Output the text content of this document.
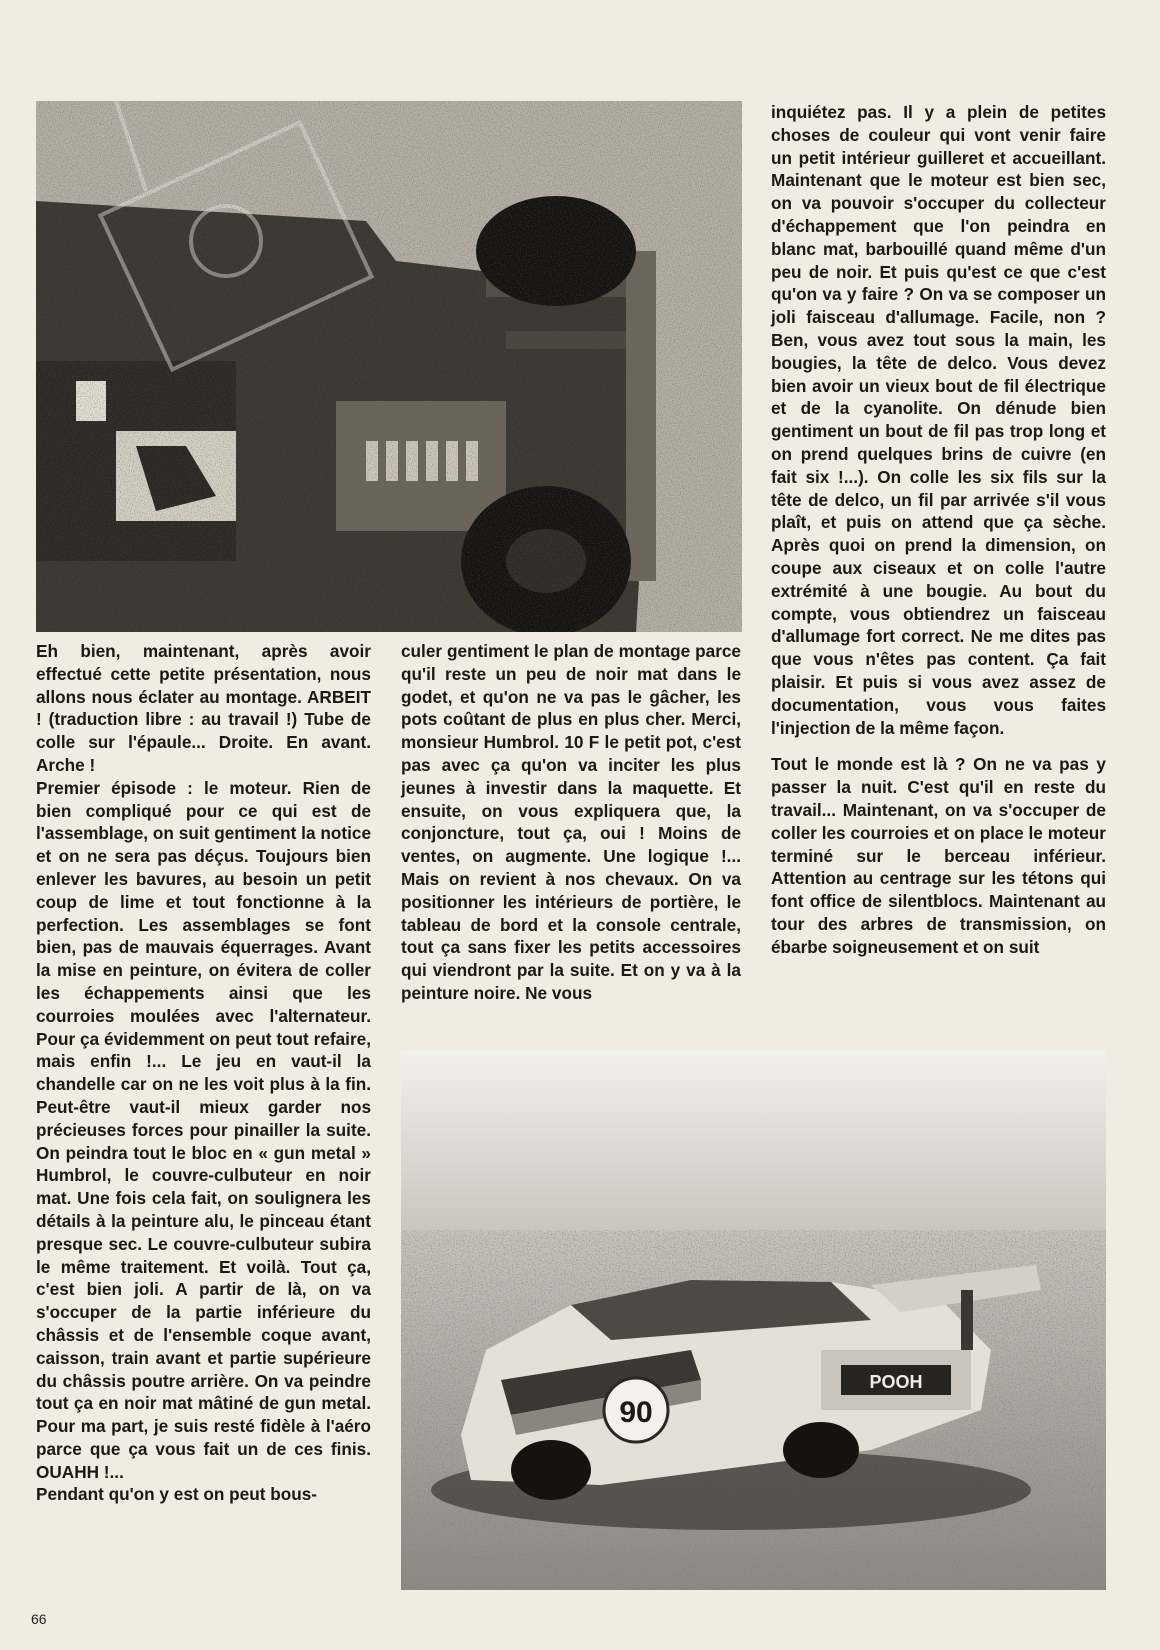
POOH
90

Eh bien, maintenant, après avoir effectué cette petite présentation, nous allons nous éclater au montage. ARBEIT ! (traduction libre : au travail !) Tube de colle sur l'épaule... Droite. En avant. Arche !

Premier épisode : le moteur. Rien de bien compliqué pour ce qui est de l'assemblage, on suit gentiment la notice et on ne sera pas déçus. Toujours bien enlever les bavures, au besoin un petit coup de lime et tout fonctionne à la perfection. Les assemblages se font bien, pas de mauvais équerrages. Avant la mise en peinture, on évitera de coller les échappements ainsi que les courroies moulées avec l'alternateur. Pour ça évidemment on peut tout refaire, mais enfin !... Le jeu en vaut-il la chandelle car on ne les voit plus à la fin. Peut-être vaut-il mieux garder nos précieuses forces pour pinailler la suite. On peindra tout le bloc en « gun metal » Humbrol, le couvre-culbuteur en noir mat. Une fois cela fait, on soulignera les détails à la peinture alu, le pinceau étant presque sec. Le couvre-culbuteur subira le même traitement. Et voilà. Tout ça, c'est bien joli. A partir de là, on va s'occuper de la partie inférieure du châssis et de l'ensemble coque avant, caisson, train avant et partie supérieure du châssis poutre arrière. On va peindre tout ça en noir mat mâtiné de gun metal. Pour ma part, je suis resté fidèle à l'aéro parce que ça vous fait un de ces finis. OUAHH !...

Pendant qu'on y est on peut bous-

culer gentiment le plan de montage parce qu'il reste un peu de noir mat dans le godet, et qu'on ne va pas le gâcher, les pots coûtant de plus en plus cher. Merci, monsieur Humbrol. 10 F le petit pot, c'est pas avec ça qu'on va inciter les plus jeunes à investir dans la maquette. Et ensuite, on vous expliquera que, la conjoncture, tout ça, oui ! Moins de ventes, on augmente. Une logique !... Mais on revient à nos chevaux. On va positionner les intérieurs de portière, le tableau de bord et la console centrale, tout ça sans fixer les petits accessoires qui viendront par la suite. Et on y va à la peinture noire. Ne vous

inquiétez pas. Il y a plein de petites choses de couleur qui vont venir faire un petit intérieur guilleret et accueillant. Maintenant que le moteur est bien sec, on va pouvoir s'occuper du collecteur d'échappement que l'on peindra en blanc mat, barbouillé quand même d'un peu de noir. Et puis qu'est ce que c'est qu'on va y faire ? On va se composer un joli faisceau d'allumage. Facile, non ? Ben, vous avez tout sous la main, les bougies, la tête de delco. Vous devez bien avoir un vieux bout de fil électrique et de la cyanolite. On dénude bien gentiment un bout de fil pas trop long et on prend quelques brins de cuivre (en fait six !...). On colle les six fils sur la tête de delco, un fil par arrivée s'il vous plaît, et puis on attend que ça sèche. Après quoi on prend la dimension, on coupe aux ciseaux et on colle l'autre extrémité à une bougie. Au bout du compte, vous obtiendrez un faisceau d'allumage fort correct. Ne me dites pas que vous n'êtes pas content. Ça fait plaisir. Et puis si vous avez assez de documentation, vous vous faites l'injection de la même façon.

Tout le monde est là ? On ne va pas y passer la nuit. C'est qu'il en reste du travail... Maintenant, on va s'occuper de coller les courroies et on place le moteur terminé sur le berceau inférieur. Attention au centrage sur les tétons qui font office de silentblocs. Maintenant au tour des arbres de transmission, on ébarbe soigneusement et on suit

66
